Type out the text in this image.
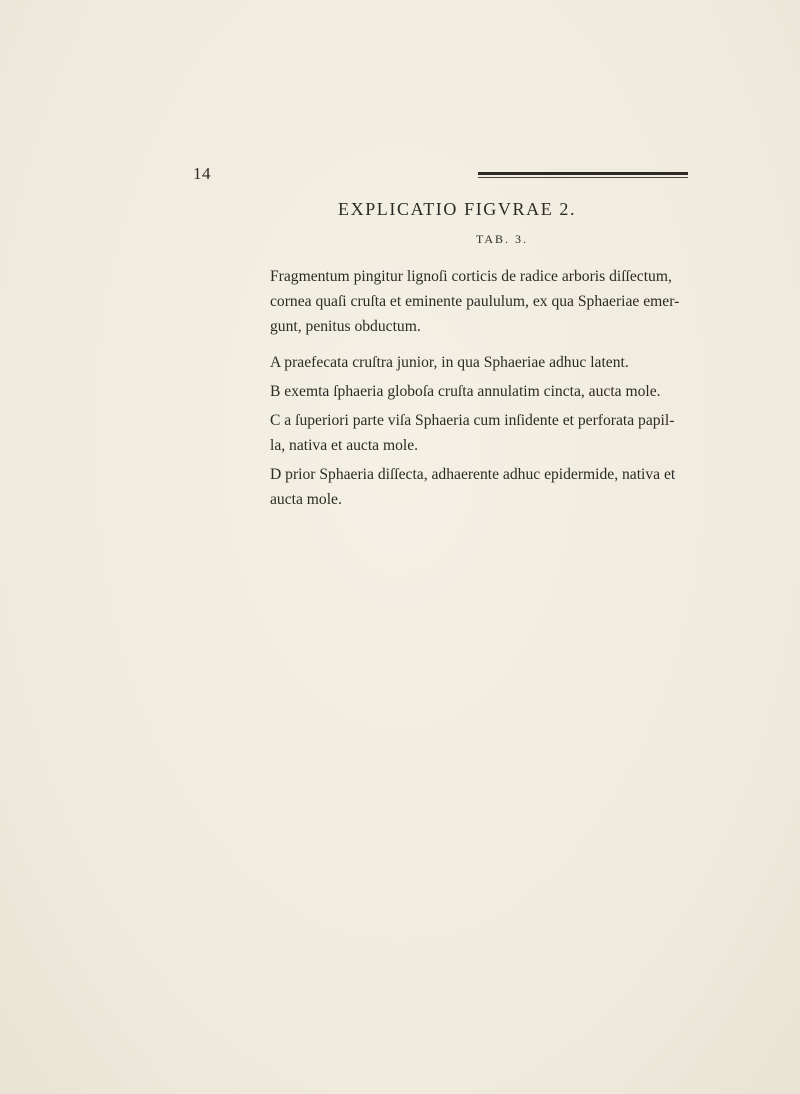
14
EXPLICATIO FIGVRAE 2.
TAB. 3.

Fragmentum pingitur lignoſi corticis de radice arboris diſſectum,
cornea quaſi cruſta et eminente paululum, ex qua Sphaeriae emer-
gunt, penitus obductum.

A praefecata cruſtra junior, in qua Sphaeriae adhuc latent.

B exemta ſphaeria globoſa cruſta annulatim cincta, aucta mole.

C a ſuperiori parte viſa Sphaeria cum inſidente et perforata papil-
la, nativa et aucta mole.

D prior Sphaeria diſſecta, adhaerente adhuc epidermide, nativa et
aucta mole.
